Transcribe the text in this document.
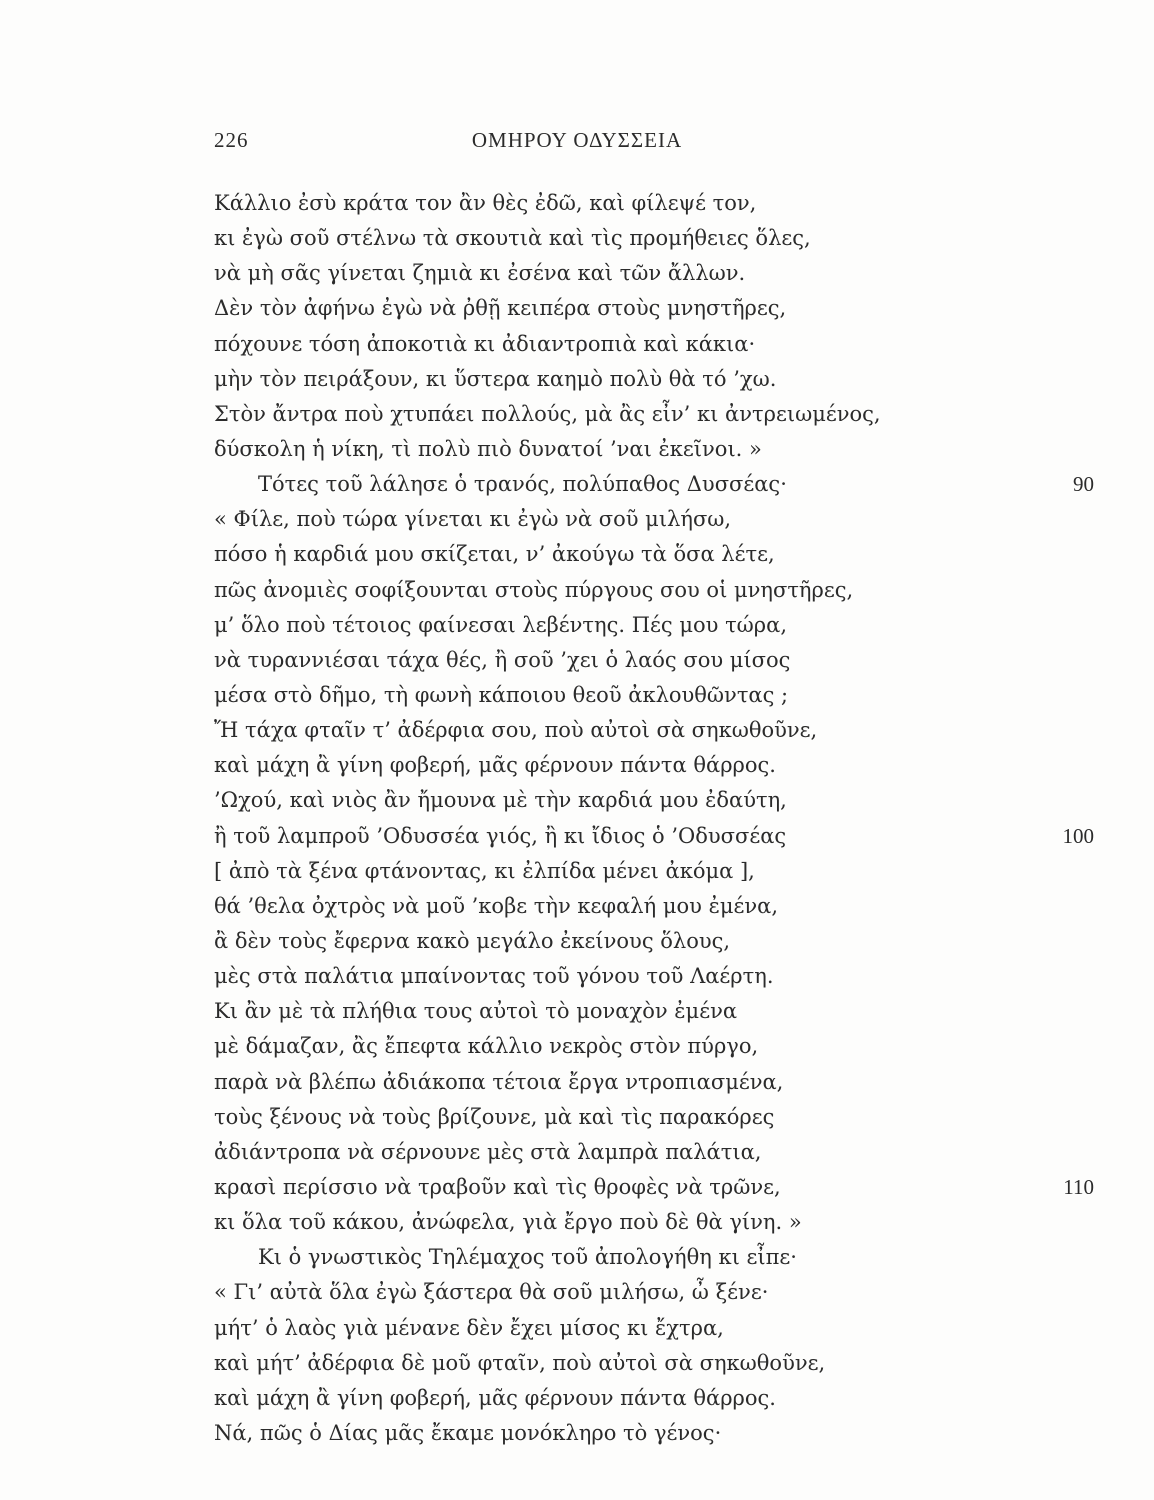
226	ΟΜΗΡΟΥ ΟΔΥΣΣΕΙΑ
Κάλλιο ἐσὺ κράτα τον ἂν θὲς ἐδῶ, καὶ φίλεψέ τον,
κι ἐγὼ σοῦ στέλνω τὰ σκουτιὰ καὶ τὶς προμήθειες ὅλες,
νὰ μὴ σᾶς γίνεται ζημιὰ κι ἐσένα καὶ τῶν ἄλλων.
Δὲν τὸν ἀφήνω ἐγὼ νὰ ῤθῇ κειπέρα στοὺς μνηστῆρες,
πόχουνε τόση ἀποκοτιὰ κι ἀδιαντροπιὰ καὶ κάκια·
μὴν τὸν πειράξουν, κι ὕστερα καημὸ πολὺ θὰ τό ’χω.
Στὸν ἄντρα ποὺ χτυπάει πολλούς, μὰ ἂς εἶν’ κι ἀντρειωμένος,
δύσκολη ἡ νίκη, τὶ πολὺ πιὸ δυνατοί ’ναι ἐκεῖνοι. »
Τότες τοῦ λάλησε ὁ τρανός, πολύπαθος Δυσσέας·	90
« Φίλε, ποὺ τώρα γίνεται κι ἐγὼ νὰ σοῦ μιλήσω,
πόσο ἡ καρδιά μου σκίζεται, ν’ ἀκούγω τὰ ὅσα λέτε,
πῶς ἀνομιὲς σοφίξουνται στοὺς πύργους σου οἱ μνηστῆρες,
μ’ ὅλο ποὺ τέτοιος φαίνεσαι λεβέντης. Πές μου τώρα,
νὰ τυραννιέσαι τάχα θές, ἢ σοῦ ’χει ὁ λαός σου μίσος
μέσα στὸ δῆμο, τὴ φωνὴ κάποιου θεοῦ ἀκλουθῶντας ;
Ἤ τάχα φταῖν τ’ ἀδέρφια σου, ποὺ αὐτοὶ σὰ σηκωθοῦνε,
καὶ μάχη ἂ γίνη φοβερή, μᾶς φέρνουν πάντα θάρρος.
’Ωχού, καὶ νιὸς ἂν ἤμουνα μὲ τὴν καρδιά μου ἐδαύτη,
ἢ τοῦ λαμπροῦ ’Οδυσσέα γιός, ἢ κι ἴδιος ὁ ’Οδυσσέας	100
[ ἀπὸ τὰ ξένα φτάνοντας, κι ἐλπίδα μένει ἀκόμα ],
θά ’θελα ὀχτρὸς νὰ μοῦ ’κοβε τὴν κεφαλή μου ἐμένα,
ἂ δὲν τοὺς ἔφερνα κακὸ μεγάλο ἐκείνους ὅλους,
μὲς στὰ παλάτια μπαίνοντας τοῦ γόνου τοῦ Λαέρτη.
Κι ἂν μὲ τὰ πλήθια τους αὐτοὶ τὸ μοναχὸν ἐμένα
μὲ δάμαζαν, ἂς ἔπεφτα κάλλιο νεκρὸς στὸν πύργο,
παρὰ νὰ βλέπω ἀδιάκοπα τέτοια ἔργα ντροπιασμένα,
τοὺς ξένους νὰ τοὺς βρίζουνε, μὰ καὶ τὶς παρακόρες
ἀδιάντροπα νὰ σέρνουνε μὲς στὰ λαμπρὰ παλάτια,
κρασὶ περίσσιο νὰ τραβοῦν καὶ τὶς θροφὲς νὰ τρῶνε,	110
κι ὅλα τοῦ κάκου, ἀνώφελα, γιὰ ἔργο ποὺ δὲ θὰ γίνη. »
Κι ὁ γνωστικὸς Τηλέμαχος τοῦ ἀπολογήθη κι εἶπε·
« Γι’ αὐτὰ ὅλα ἐγὼ ξάστερα θὰ σοῦ μιλήσω, ὦ ξένε·
μήτ’ ὁ λαὸς γιὰ μένανε δὲν ἔχει μίσος κι ἔχτρα,
καὶ μήτ’ ἀδέρφια δὲ μοῦ φταῖν, ποὺ αὐτοὶ σὰ σηκωθοῦνε,
καὶ μάχη ἂ γίνη φοβερή, μᾶς φέρνουν πάντα θάρρος.
Νά, πῶς ὁ Δίας μᾶς ἔκαμε μονόκληρο τὸ γένος·
